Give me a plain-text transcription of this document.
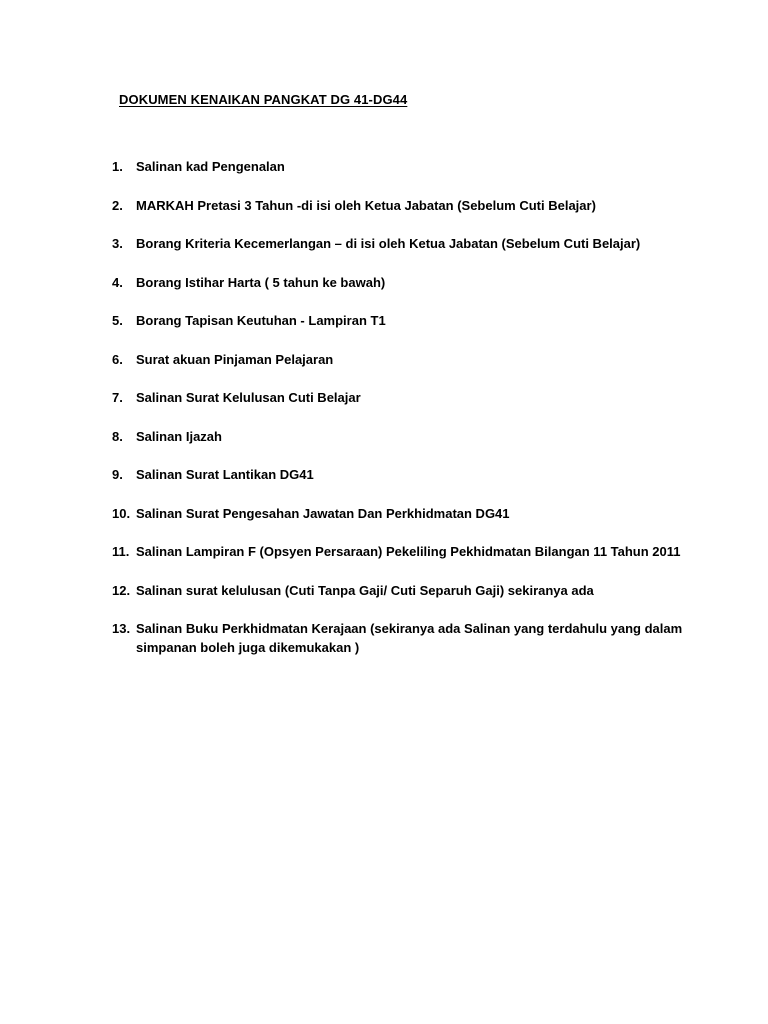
DOKUMEN KENAIKAN PANGKAT DG 41-DG44
1.	Salinan kad Pengenalan
2.	MARKAH Pretasi 3 Tahun -di isi oleh Ketua Jabatan (Sebelum Cuti Belajar)
3.	Borang Kriteria Kecemerlangan – di isi oleh Ketua Jabatan (Sebelum Cuti Belajar)
4.	Borang Istihar Harta ( 5 tahun ke bawah)
5.	Borang Tapisan Keutuhan - Lampiran T1
6.	Surat akuan Pinjaman Pelajaran
7.	Salinan Surat Kelulusan Cuti Belajar
8.	Salinan Ijazah
9.	Salinan Surat Lantikan DG41
10. Salinan Surat Pengesahan Jawatan Dan Perkhidmatan DG41
11. Salinan Lampiran F (Opsyen Persaraan) Pekeliling Pekhidmatan Bilangan 11 Tahun 2011
12. Salinan surat kelulusan (Cuti Tanpa Gaji/ Cuti Separuh Gaji) sekiranya ada
13. Salinan Buku Perkhidmatan Kerajaan (sekiranya ada Salinan yang terdahulu yang dalam simpanan boleh juga dikemukakan )
